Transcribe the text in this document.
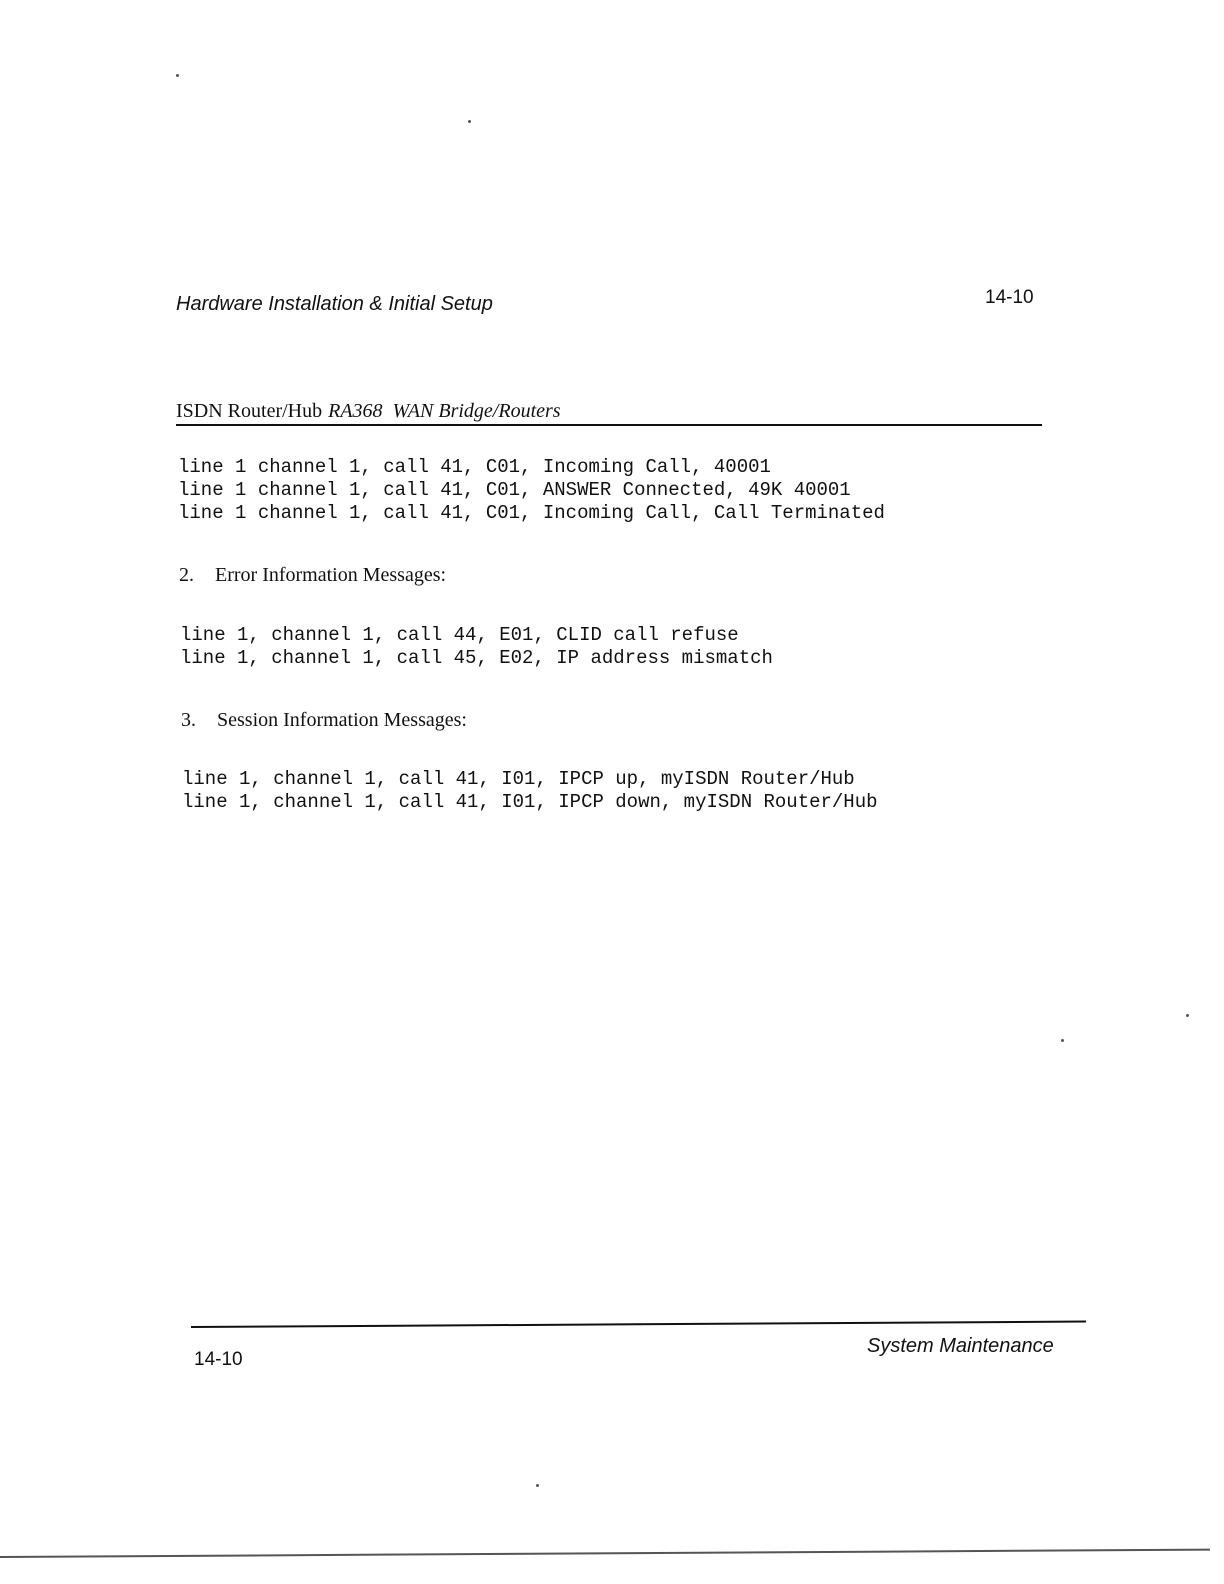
Hardware Installation & Initial Setup	14-10
ISDN Router/Hub RA368 WAN Bridge/Routers
line 1 channel 1, call 41, C01, Incoming Call, 40001
line 1 channel 1, call 41, C01, ANSWER Connected, 49K 40001
line 1 channel 1, call 41, C01, Incoming Call, Call Terminated
2. Error Information Messages:
line 1, channel 1, call 44, E01, CLID call refuse
line 1, channel 1, call 45, E02, IP address mismatch
3. Session Information Messages:
line 1, channel 1, call 41, I01, IPCP up, myISDN Router/Hub
line 1, channel 1, call 41, I01, IPCP down, myISDN Router/Hub
14-10
System Maintenance
